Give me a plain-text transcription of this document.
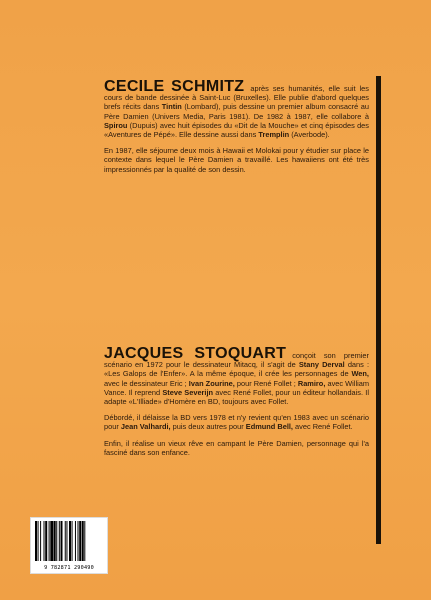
CECILE SCHMITZ après ses humanités, elle suit les cours de bande dessinée à Saint-Luc (Bruxelles). Elle publie d'abord quelques brefs récits dans Tintin (Lombard), puis dessine un premier album consacré au Père Damien (Univers Media, Paris 1981). De 1982 à 1987, elle collabore à Spirou (Dupuis) avec huit épisodes du «Dit de la Mouche» et cinq épisodes des «Aventures de Pépé». Elle dessine aussi dans Tremplin (Averbode).

En 1987, elle séjourne deux mois à Hawaii et Molokai pour y étudier sur place le contexte dans lequel le Père Damien a travaillé. Les hawaiiens ont été très impressionnés par la qualité de son dessin.

JACQUES STOQUART conçoit son premier scénario en 1972 pour le dessinateur Mitacq, il s'agit de Stany Derval dans : «Les Galops de l'Enfer». A la même époque, il crée les personnages de Wen, avec le dessinateur Eric ; Ivan Zourine, pour René Follet ; Ramiro, avec William Vance. Il reprend Steve Severijn avec René Follet, pour un éditeur hollandais. Il adapte «L'Illiade» d'Homère en BD, toujours avec Follet.

Débordé, il délaisse la BD vers 1978 et n'y revient qu'en 1983 avec un scénario pour Jean Valhardi, puis deux autres pour Edmund Bell, avec René Follet.

Enfin, il réalise un vieux rêve en campant le Père Damien, personnage qui l'a fasciné dans son enfance.

9 782871 290490
